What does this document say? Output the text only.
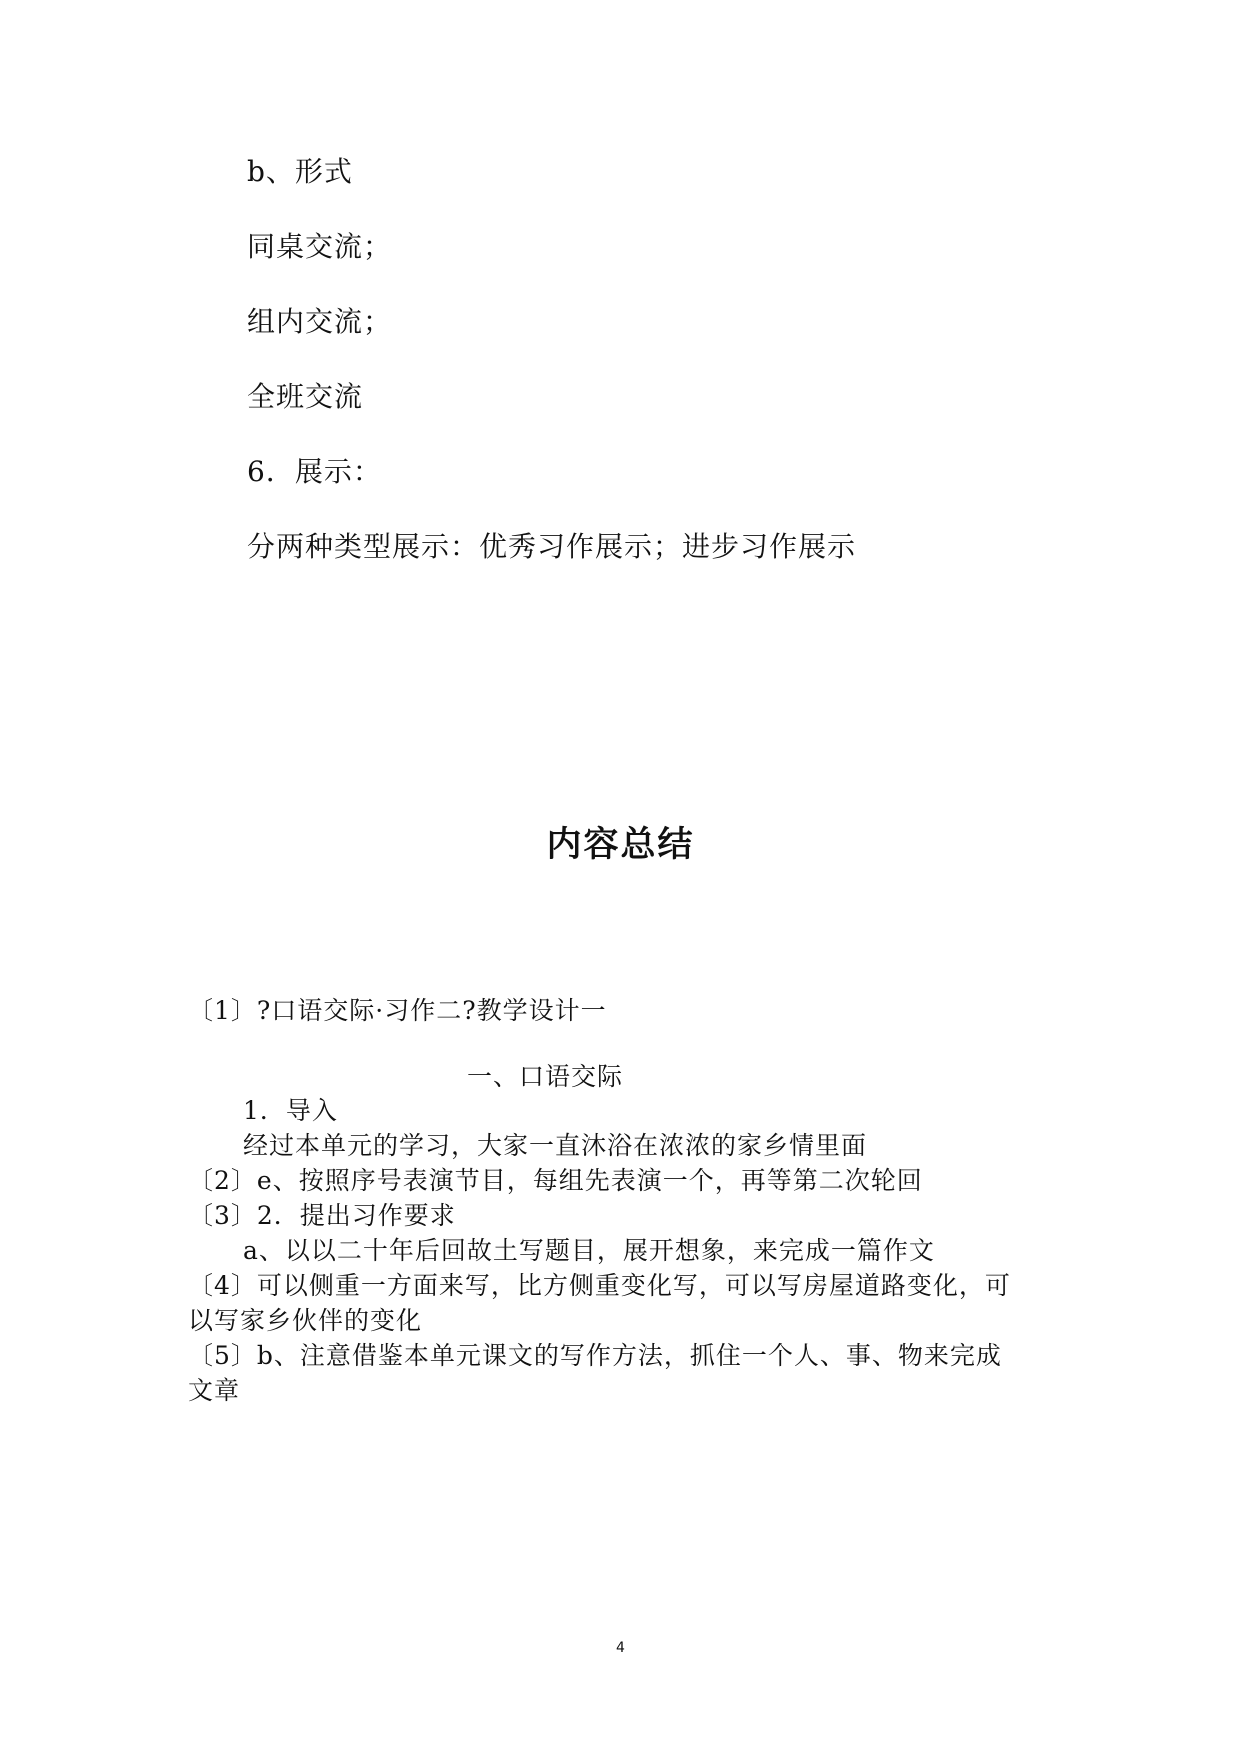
b、形式
同桌交流；
组内交流；
全班交流
6．展示：
分两种类型展示：优秀习作展示；进步习作展示
内容总结
〔1〕?口语交际·习作二?教学设计一
一、口语交际
1．导入
经过本单元的学习，大家一直沐浴在浓浓的家乡情里面
〔2〕e、按照序号表演节目，每组先表演一个，再等第二次轮回
〔3〕2．提出习作要求
a、以以二十年后回故土写题目，展开想象，来完成一篇作文
〔4〕可以侧重一方面来写，比方侧重变化写，可以写房屋道路变化，可
以写家乡伙伴的变化
〔5〕b、注意借鉴本单元课文的写作方法，抓住一个人、事、物来完成
文章
4
